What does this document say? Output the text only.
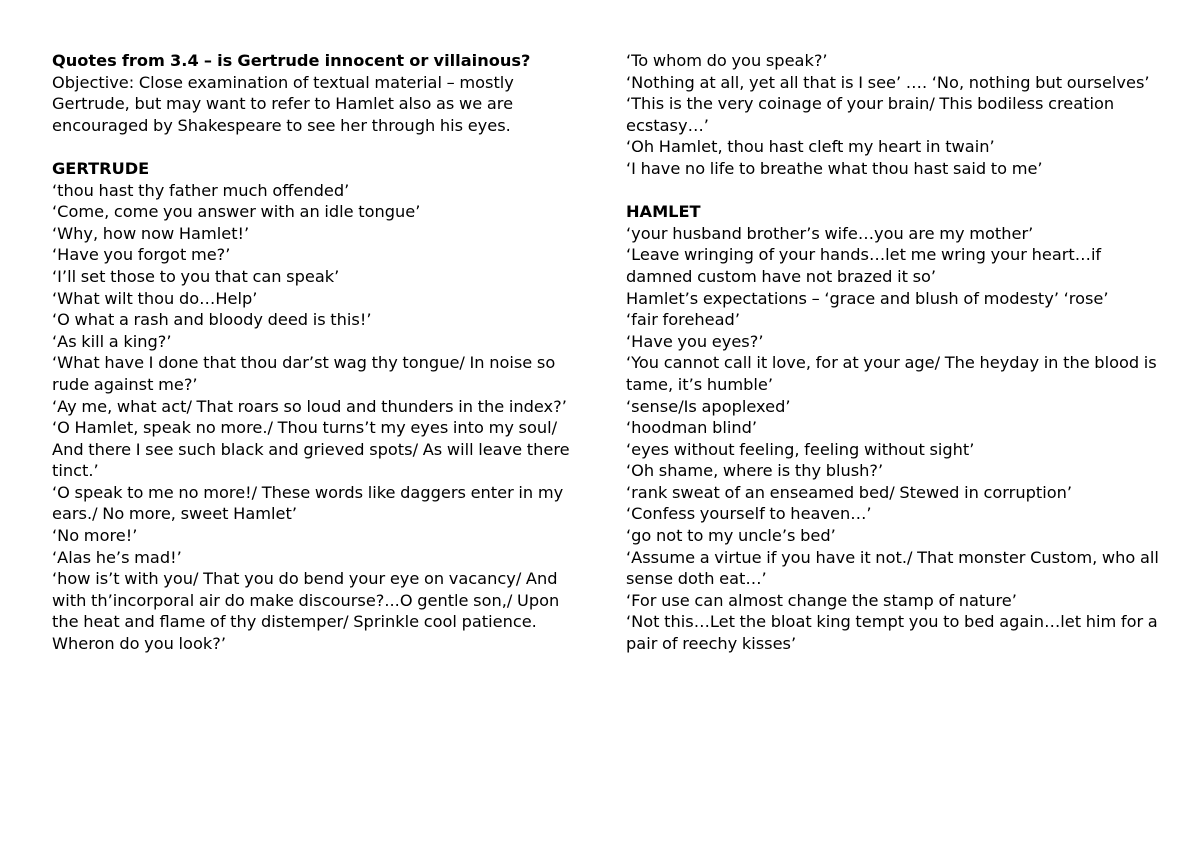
Quotes from 3.4 – is Gertrude innocent or villainous?
Objective: Close examination of textual material – mostly Gertrude, but may want to refer to Hamlet also as we are encouraged by Shakespeare to see her through his eyes.
GERTRUDE
‘thou hast thy father much offended’
‘Come, come you answer with an idle tongue’
‘Why, how now Hamlet!’
‘Have you forgot me?’
‘I’ll set those to you that can speak’
‘What wilt thou do…Help’
‘O what a rash and bloody deed is this!’
‘As kill a king?’
‘What have I done that thou dar’st wag thy tongue/ In noise so rude against me?’
‘Ay me, what act/ That roars so loud and thunders in the index?’
‘O Hamlet, speak no more./ Thou turns’t my eyes into my soul/ And there I see such black and grieved spots/ As will leave there tinct.’
‘O speak to me no more!/ These words like daggers enter in my ears./ No more, sweet Hamlet’
‘No more!’
‘Alas he’s mad!’
‘how is’t with you/ That you do bend your eye on vacancy/ And with th’incorporal air do make discourse?...O gentle son,/ Upon the heat and flame of thy distemper/ Sprinkle cool patience. Wheron do you look?’
‘To whom do you speak?’
‘Nothing at all, yet all that is I see’ …. ‘No, nothing but ourselves’
‘This is the very coinage of your brain/ This bodiless creation ecstasy…’
‘Oh Hamlet, thou hast cleft my heart in twain’
‘I have no life to breathe what thou hast said to me’
HAMLET
‘your husband brother’s wife…you are my mother’
‘Leave wringing of your hands…let me wring your heart…if damned custom have not brazed it so’
Hamlet’s expectations – ‘grace and blush of modesty’ ‘rose’
‘fair forehead’
‘Have you eyes?’
‘You cannot call it love, for at your age/ The heyday in the blood is tame, it’s humble’
‘sense/Is apoplexed’
‘hoodman blind’
‘eyes without feeling, feeling without sight’
‘Oh shame, where is thy blush?’
‘rank sweat of an enseamed bed/ Stewed in corruption’
‘Confess yourself to heaven…’
‘go not to my uncle’s bed’
‘Assume a virtue if you have it not./ That monster Custom, who all sense doth eat…’
‘For use can almost change the stamp of nature’
‘Not this…Let the bloat king tempt you to bed again…let him for a pair of reechy kisses’
